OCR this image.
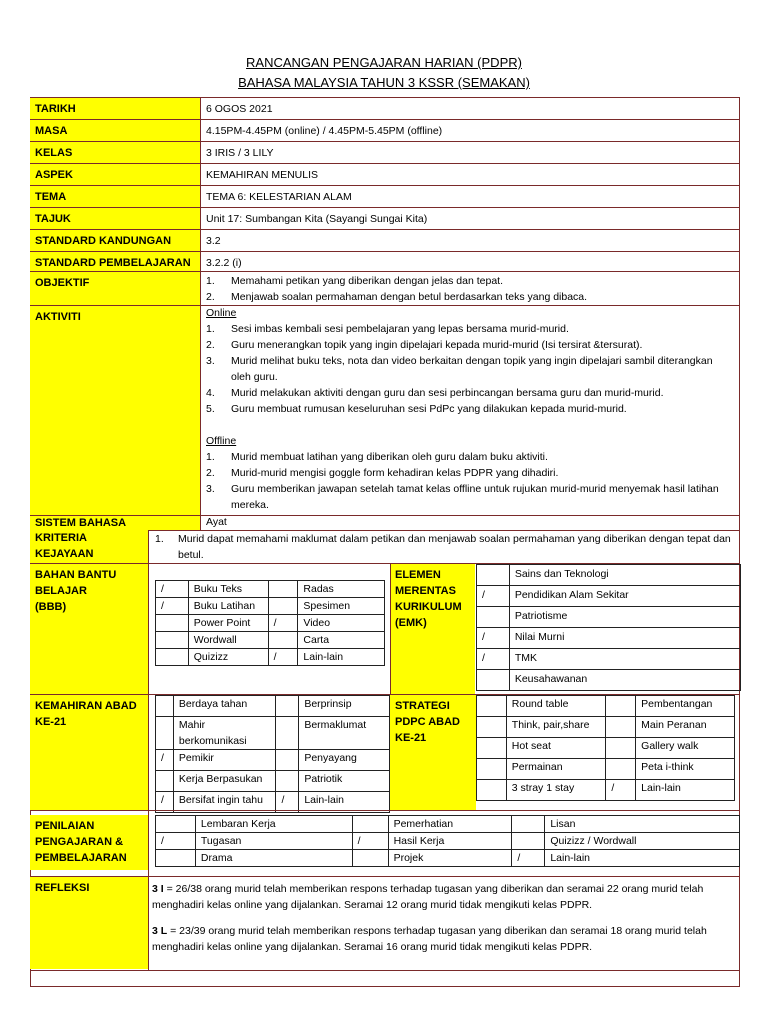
RANCANGAN PENGAJARAN HARIAN (PDPR)
BAHASA MALAYSIA TAHUN 3 KSSR (SEMAKAN)
TARIKH	6 OGOS 2021
MASA	4.15PM-4.45PM (online) / 4.45PM-5.45PM (offline)
KELAS	3 IRIS / 3 LILY
ASPEK	KEMAHIRAN MENULIS
TEMA	TEMA 6: KELESTARIAN ALAM
TAJUK	Unit 17: Sumbangan Kita (Sayangi Sungai Kita)
STANDARD KANDUNGAN	3.2
STANDARD PEMBELAJARAN	3.2.2 (i)
OBJEKTIF	1. Memahami petikan yang diberikan dengan jelas dan tepat.
2. Menjawab soalan permahaman dengan betul berdasarkan teks yang dibaca.
AKTIVITI	Online
1. Sesi imbas kembali sesi pembelajaran yang lepas bersama murid-murid.
2. Guru menerangkan topik yang ingin dipelajari kepada murid-murid (Isi tersirat &tersurat).
3. Murid melihat buku teks, nota dan video berkaitan dengan topik yang ingin dipelajari sambil diterangkan oleh guru.
4. Murid melakukan aktiviti dengan guru dan sesi perbincangan bersama guru dan murid-murid.
5. Guru membuat rumusan keseluruhan sesi PdPc yang dilakukan kepada murid-murid.
Offline
1. Murid membuat latihan yang diberikan oleh guru dalam buku aktiviti.
2. Murid-murid mengisi goggle form kehadiran kelas PDPR yang dihadiri.
3. Guru memberikan jawapan setelah tamat kelas offline untuk rujukan murid-murid menyemak hasil latihan mereka.
SISTEM BAHASA	Ayat
KRITERIA
KEJAYAAN
1. Murid dapat memahami maklumat dalam petikan dan menjawab soalan permahaman yang diberikan dengan tepat dan betul.
BAHAN BANTU
BELAJAR
(BBB)
/	Buku Teks		Radas
/	Buku Latihan		Spesimen
	Power Point	/	Video
	Wordwall		Carta
	Quizizz	/	Lain-lain
ELEMEN
MERENTAS
KURIKULUM
(EMK)
	Sains dan Teknologi
/	Pendidikan Alam Sekitar
	Patriotisme
/	Nilai Murni
/	TMK
	Keusahawanan
KEMAHIRAN ABAD
KE-21
	Berdaya tahan		Berprinsip
	Mahir berkomunikasi		Bermaklumat
/	Pemikir		Penyayang
	Kerja Berpasukan		Patriotik
/	Bersifat ingin tahu	/	Lain-lain
STRATEGI
PDPC ABAD
KE-21
	Round table		Pembentangan
	Think, pair,share		Main Peranan
	Hot seat		Gallery walk
	Permainan		Peta i-think
	3 stray 1 stay	/	Lain-lain
PENILAIAN
PENGAJARAN &
PEMBELAJARAN
	Lembaran Kerja		Pemerhatian		Lisan
/	Tugasan	/	Hasil Kerja		Quizizz / Wordwall
	Drama		Projek	/	Lain-lain
REFLEKSI	3 I = 26/38 orang murid telah memberikan respons terhadap tugasan yang diberikan dan seramai 22 orang murid telah menghadiri kelas online yang dijalankan. Seramai 12 orang murid tidak mengikuti kelas PDPR.

3 L = 23/39 orang murid telah memberikan respons terhadap tugasan yang diberikan dan seramai 18 orang murid telah menghadiri kelas online yang dijalankan. Seramai 16 orang murid tidak mengikuti kelas PDPR.
